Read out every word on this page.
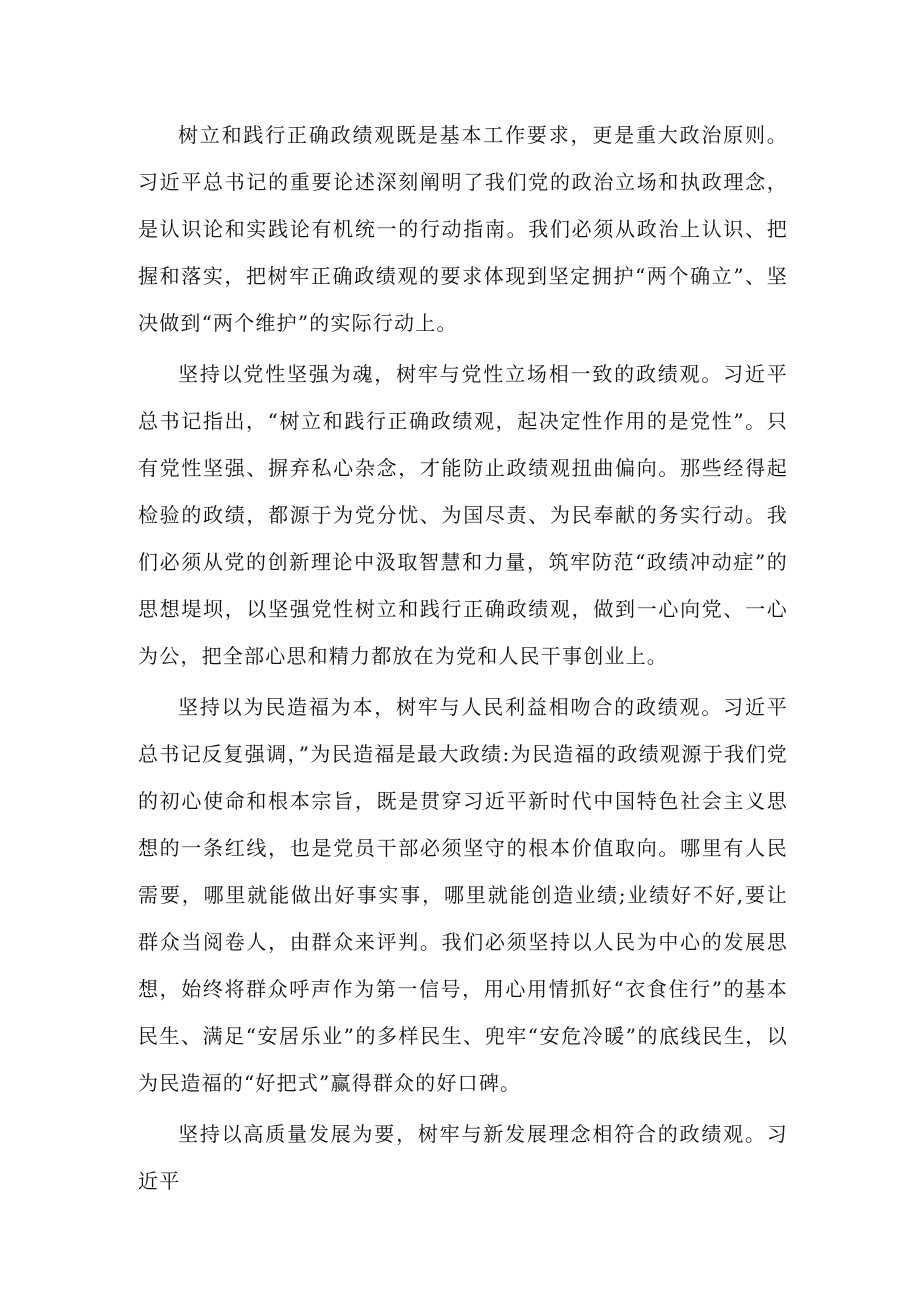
树立和践行正确政绩观既是基本工作要求，更是重大政治原则。习近平总书记的重要论述深刻阐明了我们党的政治立场和执政理念，是认识论和实践论有机统一的行动指南。我们必须从政治上认识、把握和落实，把树牢正确政绩观的要求体现到坚定拥护“两个确立”、坚决做到“两个维护”的实际行动上。

坚持以党性坚强为魂，树牢与党性立场相一致的政绩观。习近平总书记指出，“树立和践行正确政绩观，起决定性作用的是党性”。只有党性坚强、摒弃私心杂念，才能防止政绩观扭曲偏向。那些经得起检验的政绩，都源于为党分忧、为国尽责、为民奉献的务实行动。我们必须从党的创新理论中汲取智慧和力量，筑牢防范“政绩冲动症”的思想堤坝，以坚强党性树立和践行正确政绩观，做到一心向党、一心为公，把全部心思和精力都放在为党和人民干事创业上。

坚持以为民造福为本，树牢与人民利益相吻合的政绩观。习近平总书记反复强调，”为民造福是最大政绩:为民造福的政绩观源于我们党的初心使命和根本宗旨，既是贯穿习近平新时代中国特色社会主义思想的一条红线，也是党员干部必须坚守的根本价值取向。哪里有人民需要，哪里就能做出好事实事，哪里就能创造业绩;业绩好不好,要让群众当阅卷人，由群众来评判。我们必须坚持以人民为中心的发展思想，始终将群众呼声作为第一信号，用心用情抓好“衣食住行”的基本民生、满足“安居乐业”的多样民生、兜牢“安危冷暖”的底线民生，以为民造福的“好把式”赢得群众的好口碑。

坚持以高质量发展为要，树牢与新发展理念相符合的政绩观。习近平
